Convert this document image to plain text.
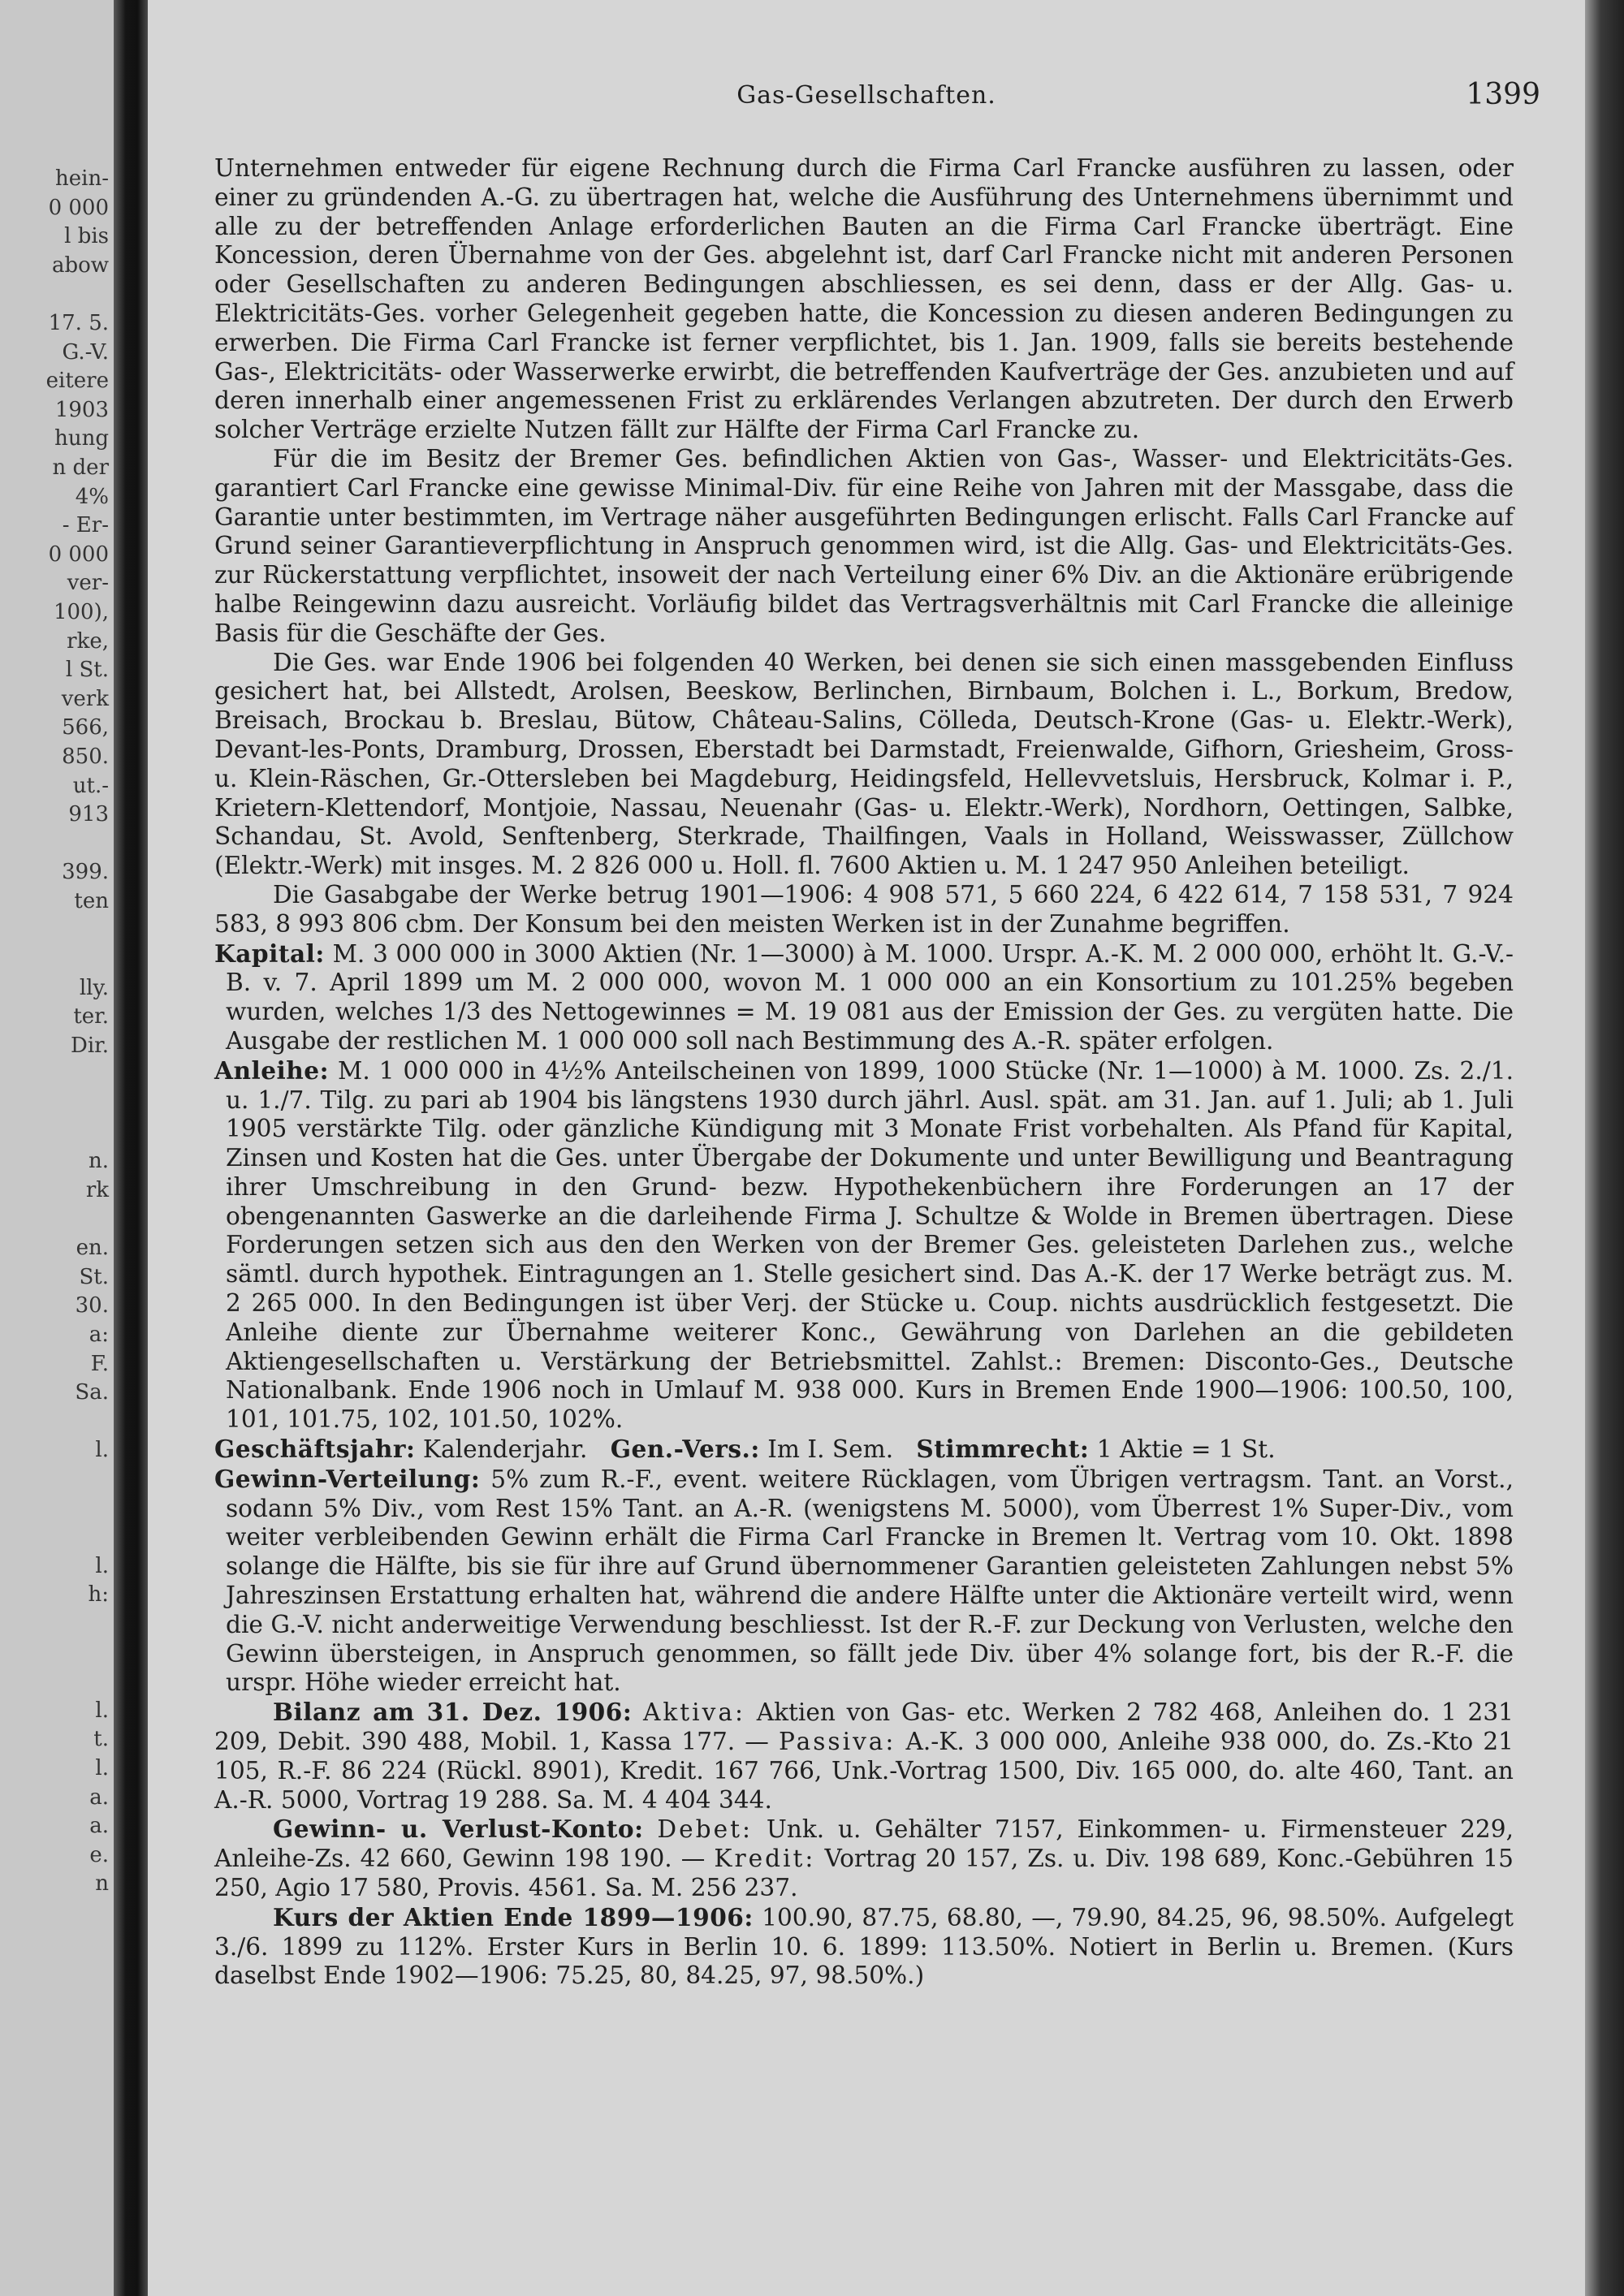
hein-
0 000
l bis
abow
17. 5.
G.-V.
eitere
1903
hung
n der
4%
- Er-
0 000
ver-
100),
rke,
l St.
verk
566,
850.
ut.-
913
399.
ten
lly.
ter.
Dir.
n.
rk
en.
St.
30.
a:
F.
Sa.
l.
l.
h:
l.
t.
l.
a.
a.
e.
n
Gas-Gesellschaften.	1399

Unternehmen entweder für eigene Rechnung durch die Firma Carl Francke ausführen zu lassen, oder einer zu gründenden A.-G. zu übertragen hat, welche die Ausführung des Unternehmens übernimmt und alle zu der betreffenden Anlage erforderlichen Bauten an die Firma Carl Francke überträgt. Eine Koncession, deren Übernahme von der Ges. abgelehnt ist, darf Carl Francke nicht mit anderen Personen oder Gesellschaften zu anderen Bedingungen abschliessen, es sei denn, dass er der Allg. Gas- u. Elektricitäts-Ges. vorher Gelegenheit gegeben hatte, die Koncession zu diesen anderen Bedingungen zu erwerben. Die Firma Carl Francke ist ferner verpflichtet, bis 1. Jan. 1909, falls sie bereits bestehende Gas-, Elektricitäts- oder Wasserwerke erwirbt, die betreffenden Kaufverträge der Ges. anzubieten und auf deren innerhalb einer angemessenen Frist zu erklärendes Verlangen abzutreten. Der durch den Erwerb solcher Verträge erzielte Nutzen fällt zur Hälfte der Firma Carl Francke zu.

Für die im Besitz der Bremer Ges. befindlichen Aktien von Gas-, Wasser- und Elektricitäts-Ges. garantiert Carl Francke eine gewisse Minimal-Div. für eine Reihe von Jahren mit der Massgabe, dass die Garantie unter bestimmten, im Vertrage näher ausgeführten Bedingungen erlischt. Falls Carl Francke auf Grund seiner Garantieverpflichtung in Anspruch genommen wird, ist die Allg. Gas- und Elektricitäts-Ges. zur Rückerstattung verpflichtet, insoweit der nach Verteilung einer 6% Div. an die Aktionäre erübrigende halbe Reingewinn dazu ausreicht. Vorläufig bildet das Vertragsverhältnis mit Carl Francke die alleinige Basis für die Geschäfte der Ges.

Die Ges. war Ende 1906 bei folgenden 40 Werken, bei denen sie sich einen massgebenden Einfluss gesichert hat, bei Allstedt, Arolsen, Beeskow, Berlinchen, Birnbaum, Bolchen i. L., Borkum, Bredow, Breisach, Brockau b. Breslau, Bütow, Château-Salins, Cölleda, Deutsch-Krone (Gas- u. Elektr.-Werk), Devant-les-Ponts, Dramburg, Drossen, Eberstadt bei Darmstadt, Freienwalde, Gifhorn, Griesheim, Gross- u. Klein-Räschen, Gr.-Ottersleben bei Magdeburg, Heidingsfeld, Hellevvetsluis, Hersbruck, Kolmar i. P., Krietern-Klettendorf, Montjoie, Nassau, Neuenahr (Gas- u. Elektr.-Werk), Nordhorn, Oettingen, Salbke, Schandau, St. Avold, Senftenberg, Sterkrade, Thailfingen, Vaals in Holland, Weisswasser, Züllchow (Elektr.-Werk) mit insges. M. 2 826 000 u. Holl. fl. 7600 Aktien u. M. 1 247 950 Anleihen beteiligt.

Die Gasabgabe der Werke betrug 1901—1906: 4 908 571, 5 660 224, 6 422 614, 7 158 531, 7 924 583, 8 993 806 cbm. Der Konsum bei den meisten Werken ist in der Zunahme begriffen.

Kapital: M. 3 000 000 in 3000 Aktien (Nr. 1—3000) à M. 1000. Urspr. A.-K. M. 2 000 000, erhöht lt. G.-V.-B. v. 7. April 1899 um M. 2 000 000, wovon M. 1 000 000 an ein Konsortium zu 101.25% begeben wurden, welches 1/3 des Nettogewinnes = M. 19 081 aus der Emission der Ges. zu vergüten hatte. Die Ausgabe der restlichen M. 1 000 000 soll nach Bestimmung des A.-R. später erfolgen.

Anleihe: M. 1 000 000 in 4½% Anteilscheinen von 1899, 1000 Stücke (Nr. 1—1000) à M. 1000. Zs. 2./1. u. 1./7. Tilg. zu pari ab 1904 bis längstens 1930 durch jährl. Ausl. spät. am 31. Jan. auf 1. Juli; ab 1. Juli 1905 verstärkte Tilg. oder gänzliche Kündigung mit 3 Monate Frist vorbehalten. Als Pfand für Kapital, Zinsen und Kosten hat die Ges. unter Übergabe der Dokumente und unter Bewilligung und Beantragung ihrer Umschreibung in den Grund- bezw. Hypothekenbüchern ihre Forderungen an 17 der obengenannten Gaswerke an die darleihende Firma J. Schultze & Wolde in Bremen übertragen. Diese Forderungen setzen sich aus den den Werken von der Bremer Ges. geleisteten Darlehen zus., welche sämtl. durch hypothek. Eintragungen an 1. Stelle gesichert sind. Das A.-K. der 17 Werke beträgt zus. M. 2 265 000. In den Bedingungen ist über Verj. der Stücke u. Coup. nichts ausdrücklich festgesetzt. Die Anleihe diente zur Übernahme weiterer Konc., Gewährung von Darlehen an die gebildeten Aktiengesellschaften u. Verstärkung der Betriebsmittel. Zahlst.: Bremen: Disconto-Ges., Deutsche Nationalbank. Ende 1906 noch in Umlauf M. 938 000. Kurs in Bremen Ende 1900—1906: 100.50, 100, 101, 101.75, 102, 101.50, 102%.

Geschäftsjahr: Kalenderjahr. Gen.-Vers.: Im I. Sem. Stimmrecht: 1 Aktie = 1 St.

Gewinn-Verteilung: 5% zum R.-F., event. weitere Rücklagen, vom Übrigen vertragsm. Tant. an Vorst., sodann 5% Div., vom Rest 15% Tant. an A.-R. (wenigstens M. 5000), vom Überrest 1% Super-Div., vom weiter verbleibenden Gewinn erhält die Firma Carl Francke in Bremen lt. Vertrag vom 10. Okt. 1898 solange die Hälfte, bis sie für ihre auf Grund übernommener Garantien geleisteten Zahlungen nebst 5% Jahreszinsen Erstattung erhalten hat, während die andere Hälfte unter die Aktionäre verteilt wird, wenn die G.-V. nicht anderweitige Verwendung beschliesst. Ist der R.-F. zur Deckung von Verlusten, welche den Gewinn übersteigen, in Anspruch genommen, so fällt jede Div. über 4% solange fort, bis der R.-F. die urspr. Höhe wieder erreicht hat.

Bilanz am 31. Dez. 1906: Aktiva: Aktien von Gas- etc. Werken 2 782 468, Anleihen do. 1 231 209, Debit. 390 488, Mobil. 1, Kassa 177. — Passiva: A.-K. 3 000 000, Anleihe 938 000, do. Zs.-Kto 21 105, R.-F. 86 224 (Rückl. 8901), Kredit. 167 766, Unk.-Vortrag 1500, Div. 165 000, do. alte 460, Tant. an A.-R. 5000, Vortrag 19 288. Sa. M. 4 404 344.

Gewinn- u. Verlust-Konto: Debet: Unk. u. Gehälter 7157, Einkommen- u. Firmensteuer 229, Anleihe-Zs. 42 660, Gewinn 198 190. — Kredit: Vortrag 20 157, Zs. u. Div. 198 689, Konc.-Gebühren 15 250, Agio 17 580, Provis. 4561. Sa. M. 256 237.

Kurs der Aktien Ende 1899—1906: 100.90, 87.75, 68.80, —, 79.90, 84.25, 96, 98.50%. Aufgelegt 3./6. 1899 zu 112%. Erster Kurs in Berlin 10. 6. 1899: 113.50%. Notiert in Berlin u. Bremen. (Kurs daselbst Ende 1902—1906: 75.25, 80, 84.25, 97, 98.50%.)
